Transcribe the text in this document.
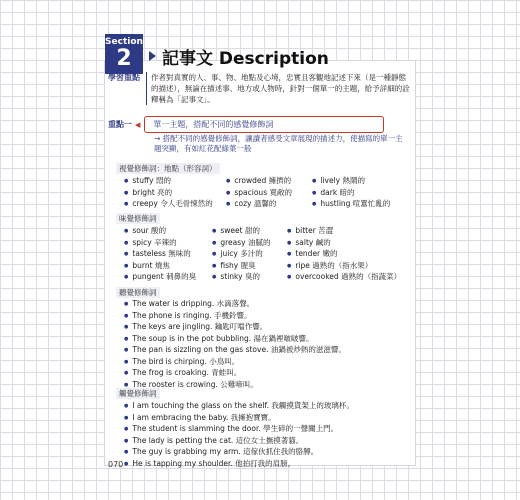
Section
2	記事文 Description
學習重點	作者對真實的人、事、物、地點及心境，忠實且客觀地記述下來（是一種靜態的描述），無論在描述事、地方或人物時，針對一個單一的主題，給予詳細的詮釋稱為「記事文」。
重點一 ◀	單一主題，搭配不同的感覺修飾詞
→ 搭配不同的感覺修飾詞，讓讀者感受文章展現的描述力，使描寫的單一主題突顯，有如紅花配綠葉一般
視覺修飾詞：地點（形容詞）
● stuffy 悶的
● bright 亮的
● creepy 令人毛骨悚然的
● crowded 擁擠的
● spacious 寬敞的
● cozy 溫馨的
● lively 熱鬧的
● dark 暗的
● hustling 喧囂忙亂的
味覺修飾詞
● sour 酸的
● spicy 辛辣的
● tasteless 無味的
● burnt 燒焦
● pungent 刺鼻的臭
● sweet 甜的
● greasy 油膩的
● juicy 多汁的
● fishy 腥臭
● stinky 臭的
● bitter 苦澀
● salty 鹹的
● tender 嫩的
● ripe 過熟的（指水果）
● overcooked 過熟的（指蔬菜）
聽覺修飾詞
● The water is dripping. 水滴落聲。
● The phone is ringing. 手機鈴響。
● The keys are jingling. 鑰匙叮噹作響。
● The soup is in the pot bubbling. 湯在鍋裡啵啵響。
● The pan is sizzling on the gas stove. 油鍋被炒熱的滋滋響。
● The bird is chirping. 小鳥叫。
● The frog is croaking. 青蛙叫。
● The rooster is crowing. 公雞啼叫。
觸覺修飾詞
● I am touching the glass on the shelf. 我觸摸貨架上的玻璃杯。
● I am embracing the baby. 我擁抱寶寶。
● The student is slamming the door. 學生碎的一聲關上門。
● The lady is petting the cat. 這位女士撫摸著貓。
● The guy is grabbing my arm. 這傢伙抓住我的胳膊。
● He is tapping my shoulder. 他拍打我的肩膀。
070
